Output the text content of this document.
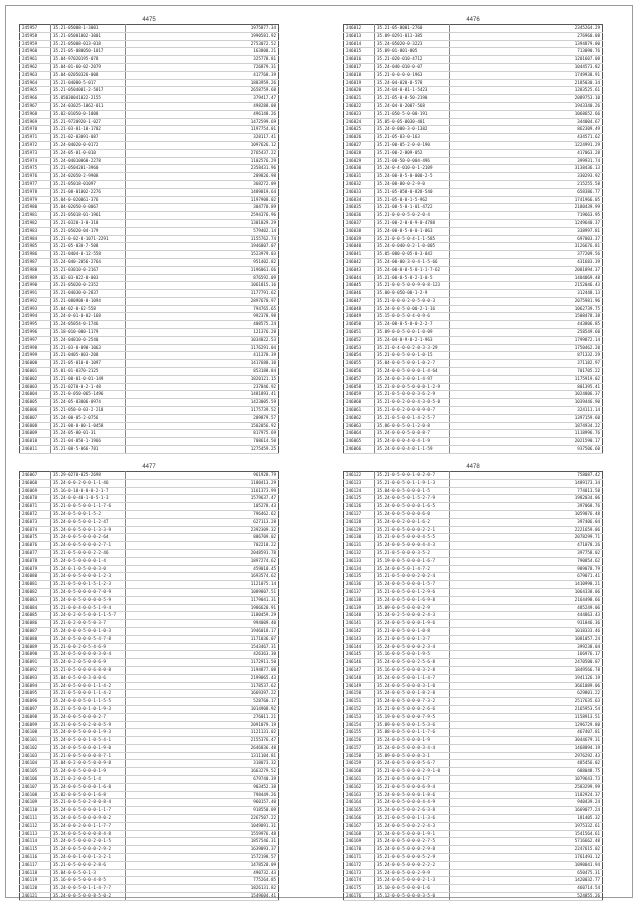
4475
245957	35.21-05008-1-3001	1975877.34
245958	35.21-05001002-3001	1990581.92
245959	35.21-05008-013-018	2753072.52
245960	35.21-05-080050-1017	163808.21
245961	35.04-97020195-078	325778.81
245962	35.04-01-60-02-2079	726879.31
245963	35.04-02050326-008	417768.39
245964	35.21-04080-5-017	1883959.26
245965	35.21-0504001-2-5017	2658759.68
245966	35.05030041022-2155	379417.47
245967	35.24-03025-1062-011	498288.08
245968	35.02-01050-0-1008	496148.26
245969	35.21-9720920-1-027	1472599.69
245970	35.21-03-01-10-1702	1197754.01
245971	35.21-02-03091-087	328117.41
245972	35.24-04020-0-0172	1097626.12
245973	35.24-05-01-0-010	2765437.22
245974	35.24-04010060-2278	1102576.29
245975	35.21-0504201-3960	2358431.96
245976	35.24-02050-2-9908	289826.98
245977	35.21-05018-01097	368272.09
245978	35.21-08-01002-2276	1489019.64
245979	35.04-0-020061-376	1197908.02
245980	35.04-02050-0-0067	304770.89
245981	35.21-05018-01-1961	2594376.96
245982	35.21-0320-3-0-318	1301029.29
245983	35.21-05020-04-179	579402.14
245984	35.21-0-02-0-1071-2291	1155762.74
245985	35.21-05-030-7-508	1946807.07
245986	35.21-0404-0-12-558	1523979.03
245987	35.24-040-2056-2764	951402.82
245988	35.21-03010-0-2167	1196061.66
245989	35.02-03-022-0-003	876592.09
245990	35.21-05020-0-2352	1061815.16
245991	35.21-04030-0-2837	1177791.62
245992	35.21-080900-0-1094	2897670.97
245993	35.04-02-0-62-558	794765.65
245994	35.24-0-01-0-02-168	992378.98
245995	35.24-05054-0-1746	408575.24
245996	35.18-010-000-1179	121376.28
245997	35.24-04010-0-2540	1034822.53
245998	35.21-03-0-090-1063	1176291.04
245999	35.21-0405-003-208	411378.39
246000	35.21-05-010-0-1097	1417688.10
246001	35.01-01-0370-2125	853188.84
246002	35.21-00-01-0-01-149	1820121.15
246003	35.21-0270-0-2-1-48	237846.92
246004	35.21-0-050-065-1496	1481893.41
246005	35.24-05-03006-0974	1423005.59
246006	35.21-050-0-03-2-218	1175739.52
246007	35.24-00-05-2-0756	209879.57
246008	35.21-00-0-00-1-0458	1502056.92
246009	35.24-05-00-01-31	817975.69
246010	35.21-04-050-1-1966	708614.50
246011	35.21-00-5-066-781	1275459.25
4476
246012	35.21-05-0001-2760	2345264.29
246013	35.09-0291-011-385	276960.08
246014	35.24-05020-0-3223	1394879.00
246015	35.09-01-001-005	713090.76
246016	35.21-020-010-4712	1201607.08
246017	35.24-040-010-0-07	1044573.82
246018	35.21-0-0-0-0-1963	1749938.91
246019	35.24-04-020-0-578	2185030.34
246020	35.24-04-0-01-1-5423	1283525.61
246021	35.21-05-0-0-50-2190	2089753.10
246022	35.24-04-0-2007-568	1943340.26
246023	35.21-050-5-0-00-191	1068652.66
246024	35.05-0-05-0030-481	344004.67
246025	35.24-0-000-3-0-1382	862309.49
246026	35.21-05-03-0-163	434571.62
246027	35.21-00-05-2-0-0-190	1224991.29
246028	35.21-00-2-009-052	417063.28
246029	35.21-00-50-0-004-496	399931.74
246030	35.24-0-4-010-0-1-2109	3138436.13
246031	35.24-00-0-5-0-000-2-5	330293.92
246032	35.24-00-00-0-2-9-0	215255.58
246033	35.21-05-050-0-828-540	658386.77
246034	35.21-05-0-0-1-5-962	1741966.05
246035	35.21-00-5-0-1-01-4722	2180439.99
246036	35.21-0-0-0-5-0-2-0-4	719663.95
246037	35.21-00-2-0-0-9-0-4788	1249640.37
246038	35.24-00-0-5-0-0-1-063	338997.81
246039	35.21-0-0-5-0-4-1-1-585	697003.37
246040	35.24-0-040-0-2-1-0-005	3126676.81
246041	35.05-000-0-05-0-3-042	377209.56
246042	35.24-00-00-3-0-4-1-5-66	431683.39
246043	35.24-00-0-0-5-0-1-1-7-62	2081894.37
246044	35.21-00-0-5-0-2-3-0-5	1404069.48
246045	35.21-0-0-5-0-0-9-0-8-123	2152046.43
246046	35.00-0-050-00-1-2-9	312448.13
246047	35.21-0-0-0-2-0-5-0-0-3	2075981.96
246048	35.24-0-0-5-0-00-2-1-16	1062739.75
246049	35.15-0-0-5-0-4-0-9-6	1508478.38
246050	35.24-00-0-5-0-0-2-2-7	443806.85
246051	35.09-0-0-5-0-0-1-0-09	258549.60
246052	35.24-04-0-9-0-2-1-963	1799872.14
246053	35.21-0-4-0-0-2-0-3-3-29	1750462.20
246054	35.21-0-0-5-0-0-1-0-15	871332.29
246055	35.04-0-0-5-0-0-1-0-2-7	371182.97
246056	35.24-0-0-5-0-0-0-1-4-64	701705.22
246057	35.24-0-0-3-0-0-1-4-97	1175919.02
246058	35.21-0-0-0-5-0-0-0-1-2-9	801395.41
246059	35.21-0-5-0-0-0-3-6-2-9	1024806.37
246060	35.21-0-0-2-0-0-4-3-0-5-0	1039446.90
246061	35.21-0-0-2-0-0-0-9-0-7	324111.14
246062	35.21-0-5-0-0-1-4-2-5-7	1397159.60
246063	35.06-0-0-5-0-1-2-0-8	1874934.22
246064	35.24-0-0-0-5-0-0-8-7	1118996.76
246065	35.24-0-0-0-4-0-4-1-9	2021590.17
246066	35.24-0-0-0-4-0-1-1-59	937506.60
4477
246067	35.29-0270-025-2698	961928.79
246068	35.24-0-0-2-0-0-1-1-46	1180413.29
246069	35.16-0-10-0-0-0-2-1-7	1161373.99
246070	35.24-0-0-40-1-0-5-1-3	1579637.47
246071	35.21-0-0-5-0-0-1-1-7-6	105278.43
246072	35.24-0-5-0-0-1-5-2	796462.62
246073	35.24-0-0-5-0-0-1-2-47	627113.28
246074	35.24-0-0-5-0-0-1-3-3-9	2392309.32
246075	35.24-0-0-5-0-0-0-2-64	886709.02
246076	35.24-0-0-5-0-0-0-2-7-1	702218.22
246077	35.21-0-5-0-0-0-2-2-46	2048591.78
246078	35.24-0-5-0-0-0-0-1-4	1897274.62
246079	35.24-0-1-0-5-0-0-3-0	459010.45
246080	35.24-0-0-5-0-0-0-1-2-3	1693574.62
246081	35.21-0-5-0-0-1-5-1-2-3	1121075.14
246082	35.24-0-5-0-0-0-0-7-0-9	1089807.51
246083	35.24-0-0-5-0-0-0-0-5-9	1179041.31
246084	35.21-0-0-4-0-0-5-1-9-4	1986620.91
246085	35.24-0-2-0-5-0-0-1-1-5-7	1180459.29
246086	35.21-0-2-0-0-5-0-3-7	994009.40
246087	35.24-0-0-0-5-0-0-1-0-3	1946018.17
246088	35.24-0-5-0-0-0-5-4-7-8	1171036.07
246089	35.21-0-0-2-0-5-4-6-9	1543467.31
246090	35.24-0-5-0-0-0-0-3-0-4	426363.30
246091	35.24-0-2-0-5-0-0-6-9	1172911.50
246092	35.21-0-5-0-0-0-6-8-0-8	1194877.08
246093	35.04-0-5-0-0-3-0-0-6	2199065.43
246094	35.24-0-5-0-0-0-1-1-4-2	1178537.62
246095	35.21-0-5-0-0-0-1-1-4-2	1669397.22
246096	35.24-0-0-0-5-0-1-1-5-5	528760.17
246097	35.21-0-5-0-0-1-0-1-9-3	1014908.92
246098	35.24-0-0-5-0-0-0-2-7	276011.21
246099	35.21-0-0-5-0-2-0-0-5-9	2091079.19
246100	35.24-0-0-5-0-0-0-1-9-3	1121131.02
246101	35.24-0-5-0-0-1-0-5-4-1	2155376.47
246102	35.24-0-0-5-0-0-0-1-9-0	2646836.48
246103	35.21-0-0-5-0-0-0-8-7-1	1311104.81
246104	35.04-0-2-0-0-5-0-0-9-8	318073.32
246105	35.24-0-0-5-0-0-0-1-9	1663279.52
246106	35.21-0-2-0-0-5-1-4	679740.39
246107	35.24-0-0-5-0-0-0-1-6-8	903452.38
246108	35.02-0-0-5-0-0-1-6-8	798449.26
246109	35.21-0-0-5-0-2-0-0-8-4	960157.40
246110	35.24-0-0-5-0-0-0-1-1-7	918550.09
246111	35.24-0-0-5-0-0-0-9-0-2	2267507.22
246112	35.24-0-0-2-0-0-1-1-7-7	1049091.31
246113	35.24-0-0-5-0-0-0-8-4-8	1559976.48
246114	35.24-0-5-0-0-0-2-0-1-5	1857546.31
246115	35.24-0-0-5-0-0-0-2-9-2	1639093.37
246116	35.24-0-0-1-0-0-1-3-2-1	1572198.57
246117	35.21-0-5-0-0-0-2-8-6	1478528.09
246118	35.04-0-0-5-0-1-3	490732.43
246119	35.16-0-0-5-0-0-4-8-5	775264.85
246120	35.24-0-0-5-0-1-1-4-7-7	1826131.82
246121	35.24-0-0-5-0-0-8-5-0-2	1549604.41
4478
246122	35.21-0-5-0-0-1-0-2-0-7	758087.42
246123	35.21-0-0-5-0-1-1-9-1-3	1489173.34
246124	35.04-0-0-5-0-0-0-1-5	774813.58
246125	35.24-0-0-5-0-1-5-2-7-9	1982034.06
246126	35.24-0-0-5-0-0-0-1-6-5	397068.76
246127	35.24-0-0-5-0-0-0-6-0	1059076.48
246128	35.24-0-0-2-0-0-1-6-2	397406.04
246129	35.21-0-0-5-0-0-0-2-2-1	2221659.06
246130	35.21-0-0-5-0-0-0-4-5-5	2078299.71
246131	35.24-0-0-5-0-0-0-4-4-3	471078.26
246132	35.21-0-5-0-0-0-3-5-2	397758.02
246133	35.19-0-0-5-0-0-0-1-6-7	790854.62
246134	35.24-0-0-5-0-1-4-7-2	989078.79
246135	35.21-0-5-0-0-0-2-0-2-4	679071.41
246136	35.24-0-0-5-0-0-0-1-5-7	1410998.21
246137	35.21-0-0-5-0-0-1-2-9-6	1064338.06
246138	35.24-0-0-5-0-0-1-6-9-8	2164498.66
246139	35.09-0-0-5-0-0-0-2-9	485249.06
246140	35.24-0-2-5-0-0-0-2-4-3	444863.43
246141	35.24-0-0-5-0-0-0-1-9-6	931846.36
246142	35.21-0-0-5-0-0-1-0-8	1018333.46
246143	35.21-0-0-5-0-0-1-3-7	1081057.24
246144	35.24-0-0-5-0-0-0-2-3-4	399238.04
246145	35.16-0-0-5-0-0-1-9-5	166976.17
246146	35.24-0-0-5-0-0-2-5-6-8	2470500.07
246147	35.16-0-0-5-0-0-0-3-2-8	1849566.78
246148	35.24-0-0-5-0-0-1-1-4-7	1941126.19
246149	35.24-0-0-5-0-0-0-3-1-0	3661089.06
246150	35.24-0-0-5-0-0-1-8-2-8	629801.22
246151	35.24-0-0-5-0-0-0-7-3-2	2517635.63
246152	35.21-0-0-5-0-0-0-2-6-6	2165953.54
246153	35.19-0-0-5-0-0-0-7-9-5	1158913.51
246154	35.09-0-0-5-0-0-1-5-3-6	1296729.80
246155	35.08-0-0-5-0-0-1-1-7-6	467407.81
246156	35.24-0-0-5-0-0-0-1-9	3044679.31
246157	35.24-0-0-5-0-0-0-3-4-4	1468894.19
246158	35.09-0-0-5-0-0-0-3-1	2976292.43
246159	35.24-0-0-5-0-0-0-5-6-7	485456.02
246160	35.21-0-0-5-0-0-0-2-9-1-0	688048.75
246161	35.21-0-0-5-0-0-0-1-7	1079643.73
246162	35.21-0-0-5-0-0-0-6-9-4	2583299.99
246163	35.24-0-0-5-0-0-0-1-8-6	1182924.37
246164	35.24-0-0-5-0-0-0-4-4-9	940439.24
246165	35.24-0-0-5-0-0-2-6-3-8	1669077.24
246166	35.21-0-0-5-0-0-1-1-3-6	181405.32
246167	35.24-0-0-5-0-0-2-2-4-3	1975332.61
246168	35.24-0-0-5-0-0-0-1-9-1	1541564.61
246169	35.24-0-0-5-0-0-0-2-7-5	5716662.48
246170	35.24-0-0-5-0-0-0-2-9-8	2247615.02
246171	35.21-0-0-5-0-0-0-5-2-9	1761493.12
246172	35.24-0-0-5-0-0-0-2-2-2	1090041.94
246173	35.24-0-0-5-0-0-2-9-9	650475.31
246174	35.24-0-0-5-0-0-0-2-1-3	1420032.77
246175	35.10-0-0-5-0-0-0-1-6	460714.54
246176	35.12-0-0-5-0-0-0-3-5-0	524855.26
